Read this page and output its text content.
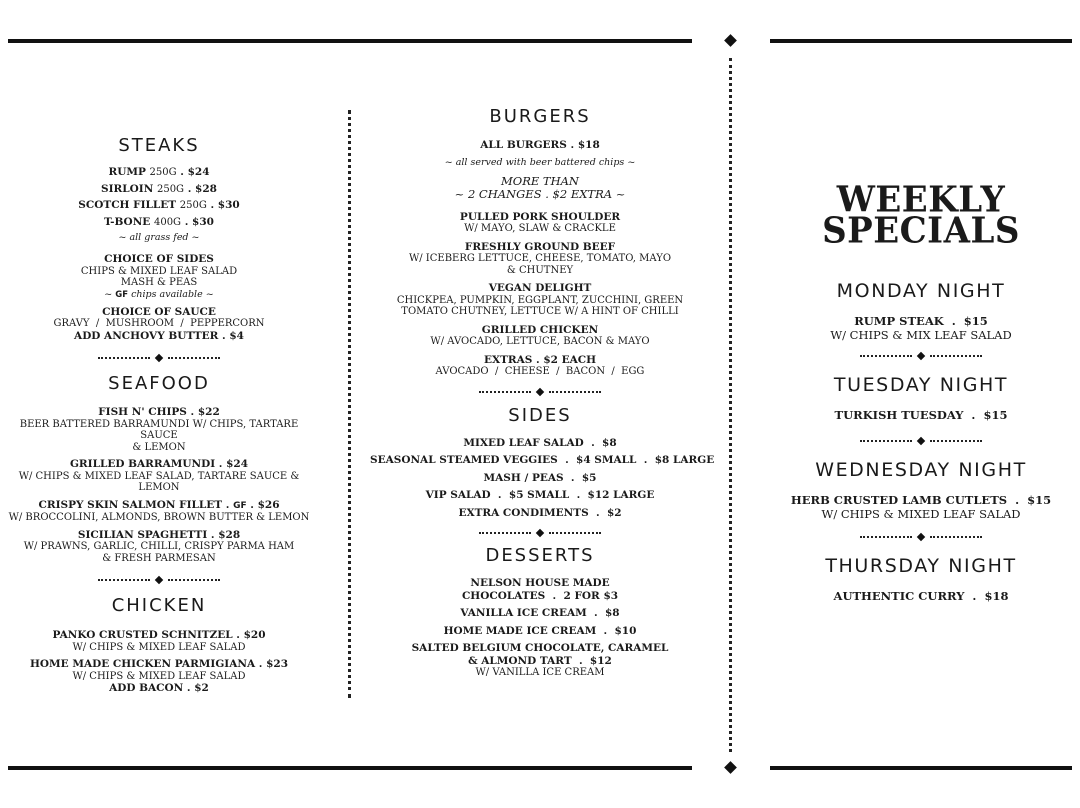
STEAKS
RUMP 250G . $24
SIRLOIN 250G . $28
SCOTCH FILLET 250G . $30
T-BONE 400G . $30
~ all grass fed ~
CHOICE OF SIDES
CHIPS & MIXED LEAF SALAD
MASH & PEAS
~ GF chips available ~
CHOICE OF SAUCE
GRAVY  /  MUSHROOM  /  PEPPERCORN
ADD ANCHOVY BUTTER . $4
SEAFOOD
FISH N' CHIPS . $22
BEER BATTERED BARRAMUNDI W/ CHIPS, TARTARE SAUCE
& LEMON
GRILLED BARRAMUNDI . $24
W/ CHIPS & MIXED LEAF SALAD, TARTARE SAUCE & LEMON
CRISPY SKIN SALMON FILLET . GF . $26
W/ BROCCOLINI, ALMONDS, BROWN BUTTER & LEMON
SICILIAN SPAGHETTI . $28
W/ PRAWNS, GARLIC, CHILLI, CRISPY PARMA HAM
& FRESH PARMESAN
CHICKEN
PANKO CRUSTED SCHNITZEL . $20
W/ CHIPS & MIXED LEAF SALAD
HOME MADE CHICKEN PARMIGIANA . $23
W/ CHIPS & MIXED LEAF SALAD
ADD BACON . $2
BURGERS
ALL BURGERS . $18
~ all served with beer battered chips ~
MORE THAN
~ 2 CHANGES . $2 EXTRA ~
PULLED PORK SHOULDER
W/ MAYO, SLAW & CRACKLE
FRESHLY GROUND BEEF
W/ ICEBERG LETTUCE, CHEESE, TOMATO, MAYO
& CHUTNEY
VEGAN DELIGHT
CHICKPEA, PUMPKIN, EGGPLANT, ZUCCHINI, GREEN
TOMATO CHUTNEY, LETTUCE W/ A HINT OF CHILLI
GRILLED CHICKEN
W/ AVOCADO, LETTUCE, BACON & MAYO
EXTRAS . $2 EACH
AVOCADO  /  CHEESE  /  BACON  /  EGG
SIDES
MIXED LEAF SALAD  .  $8
SEASONAL STEAMED VEGGIES  .  $4 SMALL  .  $8 LARGE
MASH / PEAS  .  $5
VIP SALAD  .  $5 SMALL  .  $12 LARGE
EXTRA CONDIMENTS  .  $2
DESSERTS
NELSON HOUSE MADE
CHOCOLATES  .  2 FOR $3
VANILLA ICE CREAM  .  $8
HOME MADE ICE CREAM  .  $10
SALTED BELGIUM CHOCOLATE, CARAMEL
& ALMOND TART  .  $12
W/ VANILLA ICE CREAM
WEEKLY
SPECIALS
MONDAY NIGHT
RUMP STEAK  .  $15
W/ CHIPS & MIX LEAF SALAD
TUESDAY NIGHT
TURKISH TUESDAY  .  $15
WEDNESDAY NIGHT
HERB CRUSTED LAMB CUTLETS  .  $15
W/ CHIPS & MIXED LEAF SALAD
THURSDAY NIGHT
AUTHENTIC CURRY  .  $18
